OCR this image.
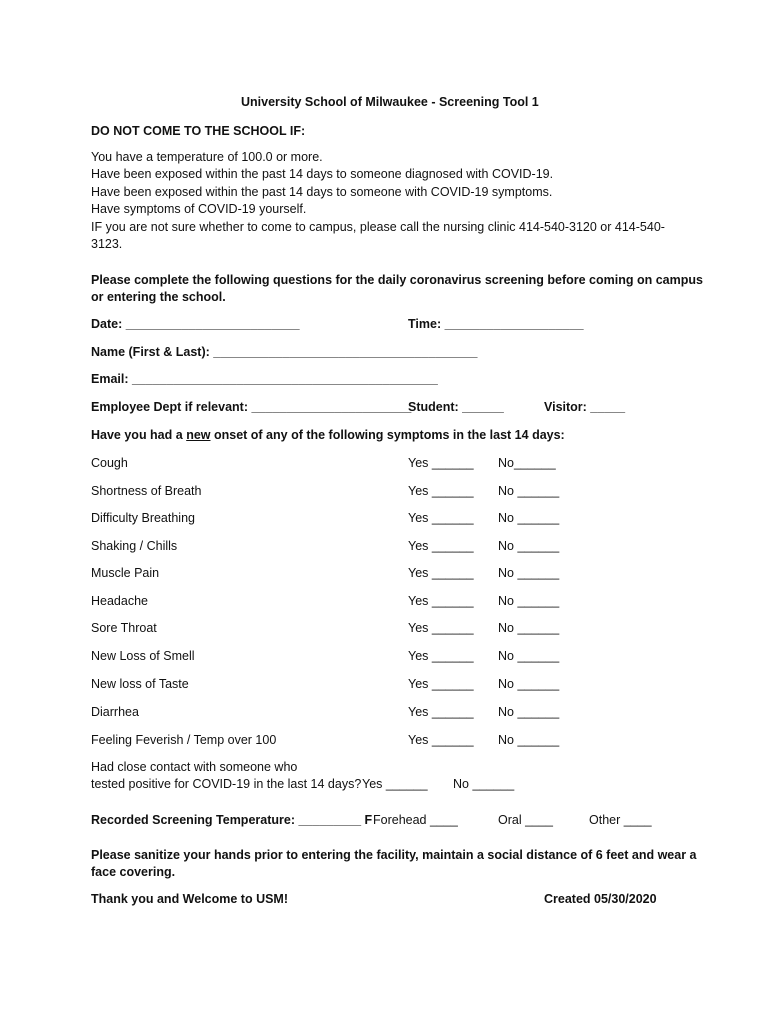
University School of Milwaukee - Screening Tool 1
DO NOT COME TO THE SCHOOL IF:
You have a temperature of 100.0 or more.
Have been exposed within the past 14 days to someone diagnosed with COVID-19.
Have been exposed within the past 14 days to someone with COVID-19 symptoms.
Have symptoms of COVID-19 yourself.
IF you are not sure whether to come to campus, please call the nursing clinic 414-540-3120 or 414-540-
3123.
Please complete the following questions for the daily coronavirus screening before coming on campus
or entering the school.
Date: _________________________	Time: ____________________
Name (First & Last): ______________________________________
Email: ____________________________________________
Employee Dept if relevant: _______________________
Student: ______	Visitor: _____
Have you had a new onset of any of the following symptoms in the last 14 days:
Cough	Yes ______ No______
Shortness of Breath	Yes ______ No ______
Difficulty Breathing	Yes ______ No ______
Shaking / Chills	Yes ______ No ______
Muscle Pain	Yes ______ No ______
Headache	Yes ______ No ______
Sore Throat	Yes ______ No ______
New Loss of Smell	Yes ______ No ______
New loss of Taste	Yes ______ No ______
Diarrhea	Yes ______ No ______
Feeling Feverish / Temp over 100	Yes ______ No ______
Had close contact with someone who
tested positive for COVID-19 in the last 14 days? Yes ______ No ______
Recorded Screening Temperature: _________ F Forehead ____	Oral ____	Other ____
Please sanitize your hands prior to entering the facility, maintain a social distance of 6 feet and wear a
face covering.
Thank you and Welcome to USM!	Created 05/30/2020
